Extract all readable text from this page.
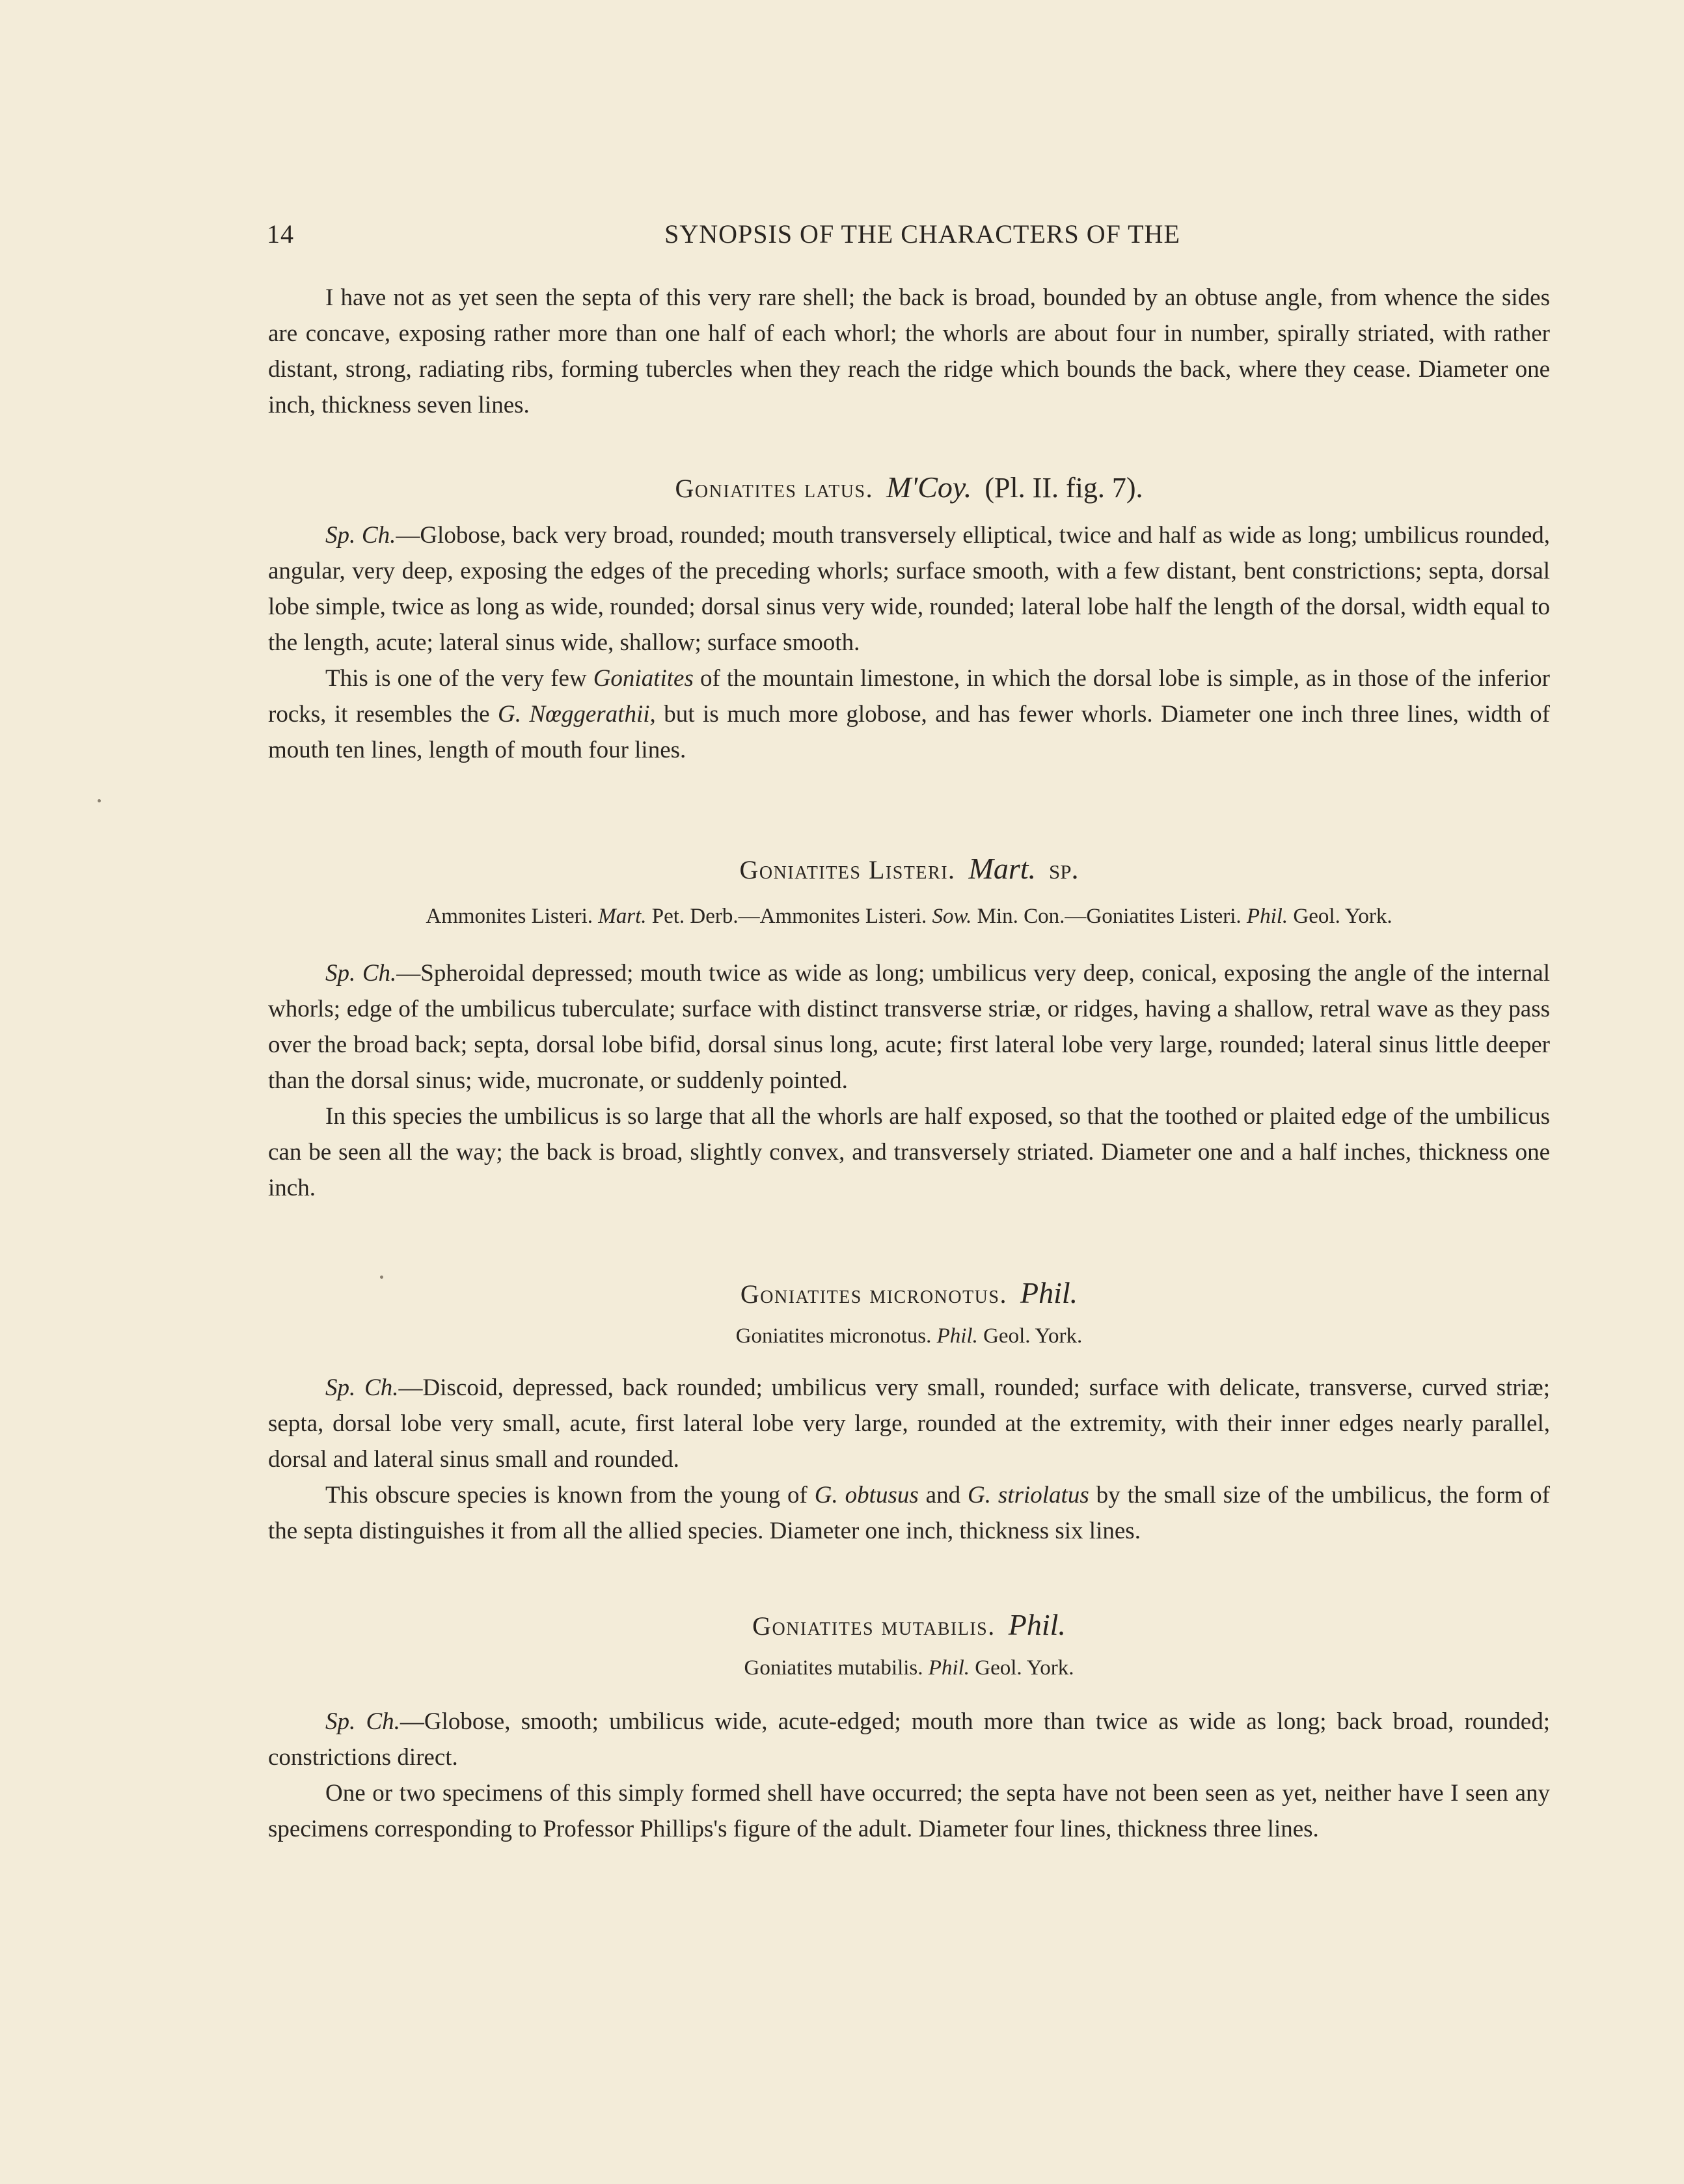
14	SYNOPSIS OF THE CHARACTERS OF THE

I have not as yet seen the septa of this very rare shell; the back is broad, bounded by an obtuse angle, from whence the sides are concave, exposing rather more than one half of each whorl; the whorls are about four in number, spirally striated, with rather distant, strong, radiating ribs, forming tubercles when they reach the ridge which bounds the back, where they cease. Diameter one inch, thickness seven lines.

Goniatites latus. M'Coy. (Pl. II. fig. 7).

Sp. Ch.—Globose, back very broad, rounded; mouth transversely elliptical, twice and half as wide as long; umbilicus rounded, angular, very deep, exposing the edges of the preceding whorls; surface smooth, with a few distant, bent constrictions; septa, dorsal lobe simple, twice as long as wide, rounded; dorsal sinus very wide, rounded; lateral lobe half the length of the dorsal, width equal to the length, acute; lateral sinus wide, shallow; surface smooth.

This is one of the very few Goniatites of the mountain limestone, in which the dorsal lobe is simple, as in those of the inferior rocks, it resembles the G. Nœggerathii, but is much more globose, and has fewer whorls. Diameter one inch three lines, width of mouth ten lines, length of mouth four lines.

Goniatites Listeri. Mart. sp.
Ammonites Listeri. Mart. Pet. Derb.—Ammonites Listeri. Sow. Min. Con.—Goniatites Listeri. Phil. Geol. York.

Sp. Ch.—Spheroidal depressed; mouth twice as wide as long; umbilicus very deep, conical, exposing the angle of the internal whorls; edge of the umbilicus tuberculate; surface with distinct transverse striæ, or ridges, having a shallow, retral wave as they pass over the broad back; septa, dorsal lobe bifid, dorsal sinus long, acute; first lateral lobe very large, rounded; lateral sinus little deeper than the dorsal sinus; wide, mucronate, or suddenly pointed.

In this species the umbilicus is so large that all the whorls are half exposed, so that the toothed or plaited edge of the umbilicus can be seen all the way; the back is broad, slightly convex, and transversely striated. Diameter one and a half inches, thickness one inch.

Goniatites micronotus. Phil.
Goniatites micronotus. Phil. Geol. York.

Sp. Ch.—Discoid, depressed, back rounded; umbilicus very small, rounded; surface with delicate, transverse, curved striæ; septa, dorsal lobe very small, acute, first lateral lobe very large, rounded at the extremity, with their inner edges nearly parallel, dorsal and lateral sinus small and rounded.

This obscure species is known from the young of G. obtusus and G. striolatus by the small size of the umbilicus, the form of the septa distinguishes it from all the allied species. Diameter one inch, thickness six lines.

Goniatites mutabilis. Phil.
Goniatites mutabilis. Phil. Geol. York.

Sp. Ch.—Globose, smooth; umbilicus wide, acute-edged; mouth more than twice as wide as long; back broad, rounded; constrictions direct.

One or two specimens of this simply formed shell have occurred; the septa have not been seen as yet, neither have I seen any specimens corresponding to Professor Phillips's figure of the adult. Diameter four lines, thickness three lines.
